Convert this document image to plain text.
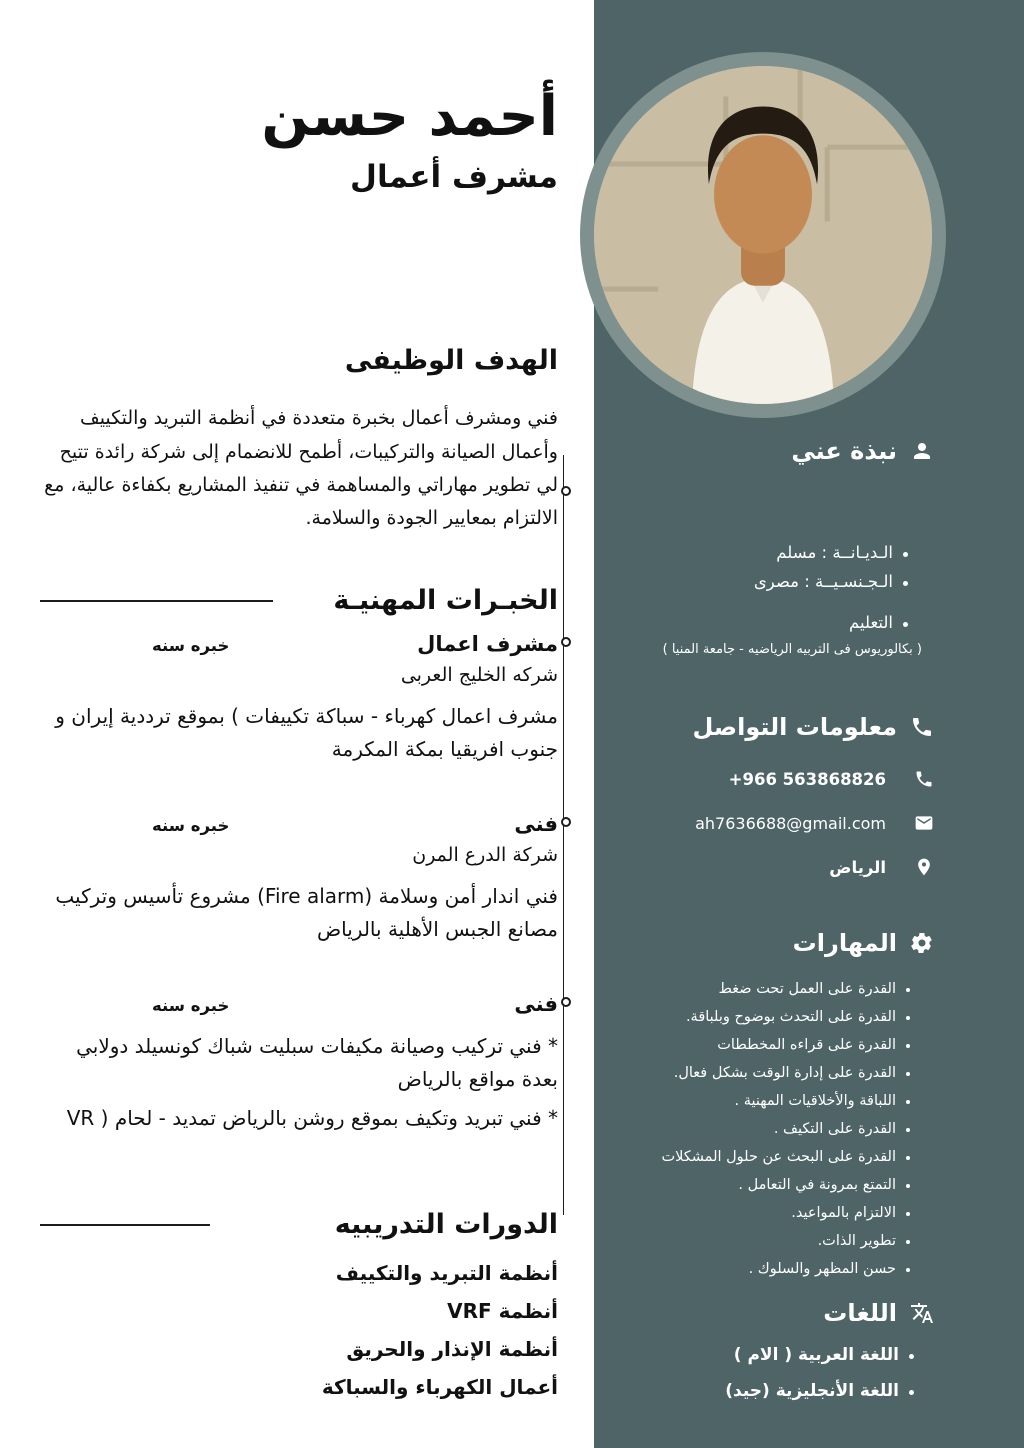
نبذة عني
الـديـانــة : مسلم
الـجـنسـيــة : مصرى
التعليم
( بكالوريوس فى التربيه الرياضيه - جامعة المنيا )
معلومات التواصل
+966 563868826
ah7636688@gmail.com
الرياض
المهارات
القدرة على العمل تحت ضغط
القدرة على التحدث بوضوح وبلباقة.
القدرة على قراءه المخططات
القدرة على إدارة الوقت بشكل فعال.
اللباقة والأخلاقيات المهنية .
القدرة على التكيف .
القدرة على البحث عن حلول المشكلات
التمتع بمرونة في التعامل .
الالتزام بالمواعيد.
تطوير الذات.
حسن المظهر والسلوك .
اللغات
اللغة العربية ( الام )
اللغة الأنجليزية (جيد)
أحمد حسن
مشرف أعمال
الهدف الوظيفى

فني ومشرف أعمال بخبرة متعددة في أنظمة التبريد والتكييف وأعمال الصيانة والتركيبات، أطمح للانضمام إلى شركة رائدة تتيح لي تطوير مهاراتي والمساهمة في تنفيذ المشاريع بكفاءة عالية، مع الالتزام بمعايير الجودة والسلامة.

الخبـرات المهنيـة
مشرف اعمال
خبره سنه
شركه الخليج العربى
مشرف اعمال كهرباء - سباكة تكييفات ) بموقع ترددية إيران و جنوب افريقيا بمكة المكرمة
فنى
خبره سنه
شركة الدرع المرن
فني اندار أمن وسلامة (Fire alarm) مشروع تأسيس وتركيب مصانع الجبس الأهلية بالرياض
فنى
خبره سنه
* فني تركيب وصيانة مكيفات سبليت شباك كونسيلد دولابي بعدة مواقع بالرياض
* فني تبريد وتكيف بموقع روشن بالرياض تمديد - لحام ( VR
الدورات التدريبيه
أنظمة التبريد والتكييف
أنظمة VRF
أنظمة الإنذار والحريق
أعمال الكهرباء والسباكة
